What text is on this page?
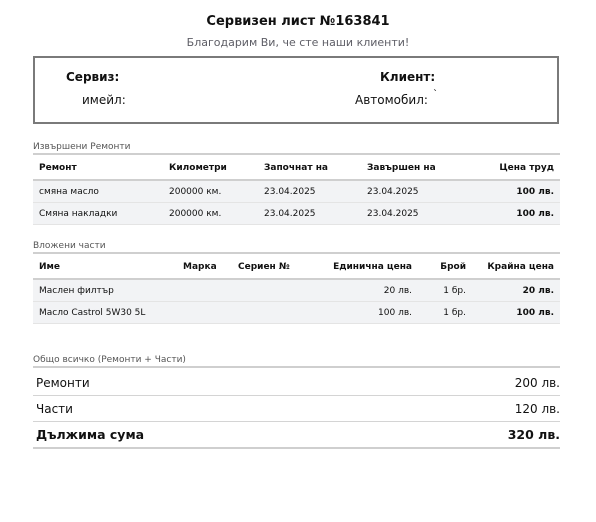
Сервизен лист №163841
Благодарим Ви, че сте наши клиенти!
Сервиз:
имейл:
Клиент:
Автомобил: `
Извършени Ремонти
Ремонт	Километри	Започнат на	Завършен на	Цена труд
смяна масло	200000 км.	23.04.2025	23.04.2025	100 лв.
Смяна накладки	200000 км.	23.04.2025	23.04.2025	100 лв.
Вложени части
Име	Марка	Сериен №	Единична цена	Брой	Крайна цена
Маслен филтър			20 лв.	1 бр.	20 лв.
Масло Castrol 5W30 5L			100 лв.	1 бр.	100 лв.
Общо всичко (Ремонти + Части)
Ремонти	200 лв.
Части	120 лв.
Дължима сума	320 лв.
